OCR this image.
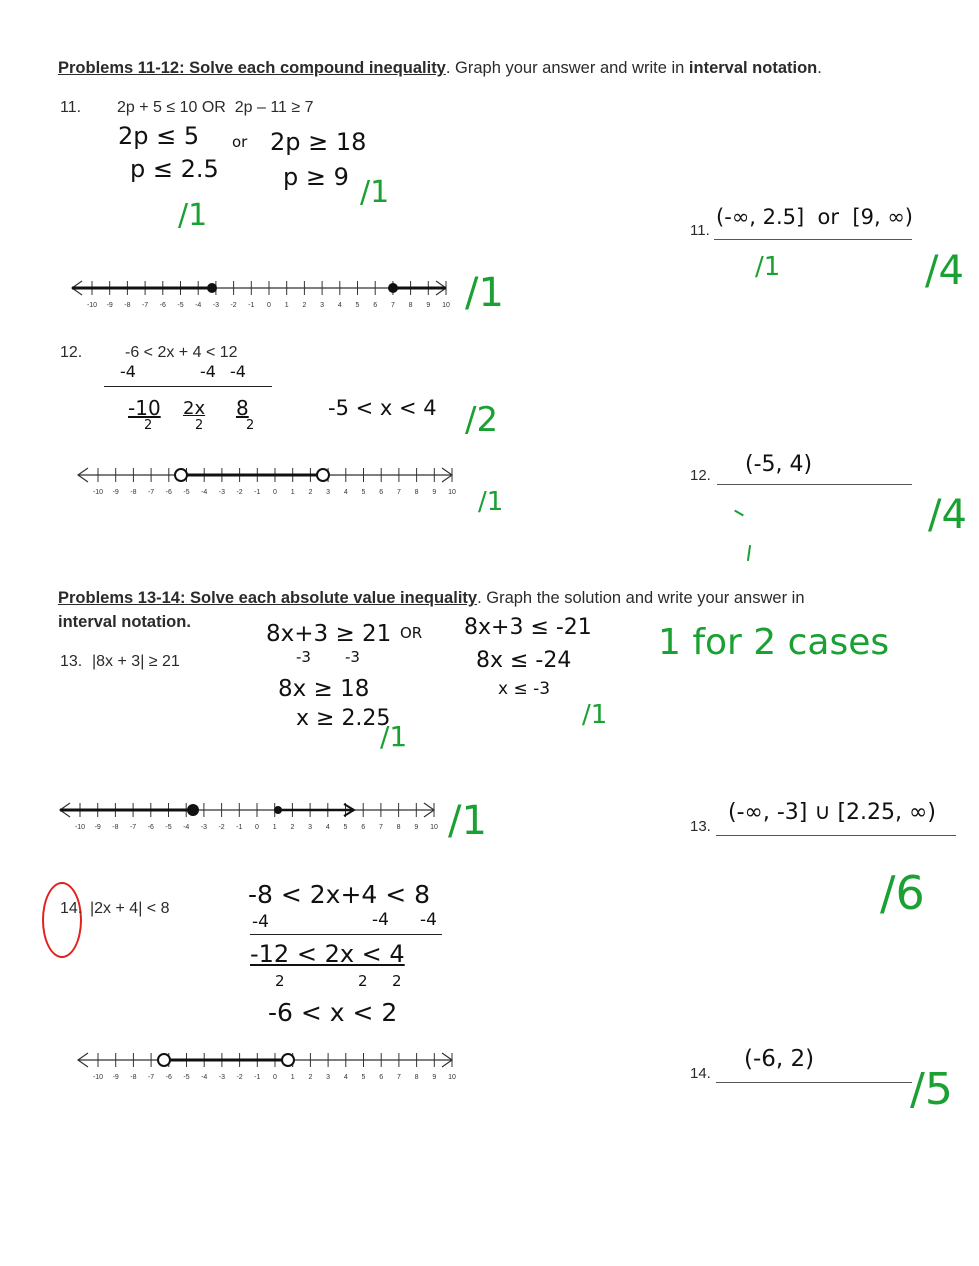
Problems 11-12: Solve each compound inequality. Graph your answer and write in interval notation.
11. 2p + 5 ≤ 10 OR  2p – 11 ≥ 7
2p ≤ 5 or 2p ≥ 18
p ≤ 2.5	p ≥ 9
/1
/1
/1
/1	/4
11.
(-∞, 2.5]  or  [9, ∞)
-10 -9 -8 -7 -6 -5 -4 -3 -2 -1 0 1 2 3 4 5 6 7 8 9 10
12.	-6 < 2x + 4 < 12
-4	-4 -4
-10 2x 8
2	2	2
-5 < x < 4 /2
/1	/4
12. (-5, 4)
-10 -9 -8 -7 -6 -5 -4 -3 -2 -1 0 1 2 3 4 5 6 7 8 9 10
Problems 13-14: Solve each absolute value inequality. Graph the solution and write your answer in
interval notation.
13. |8x + 3| ≥ 21
8x+3 ≥ 21 OR 8x+3 ≤ -21
-3 -3	8x ≤ -24
8x ≥ 18	x ≤ -3
x ≥ 2.25
/1
/1
/1
/6
1 for 2 cases
13.
(-∞, -3] ∪ [2.25, ∞)
-10 -9 -8 -7 -6 -5 -4 -3 -2 -1 0 1 2 3 4 5 6 7 8 9 10
14. |2x + 4| < 8	-8 < 2x+4 < 8
-4	-4 -4
-12 < 2x < 4
2	2 2
-6 < x < 2
/5
14.
(-6, 2)
-10 -9 -8 -7 -6 -5 -4 -3 -2 -1 0 1 2 3 4 5 6 7 8 9 10
